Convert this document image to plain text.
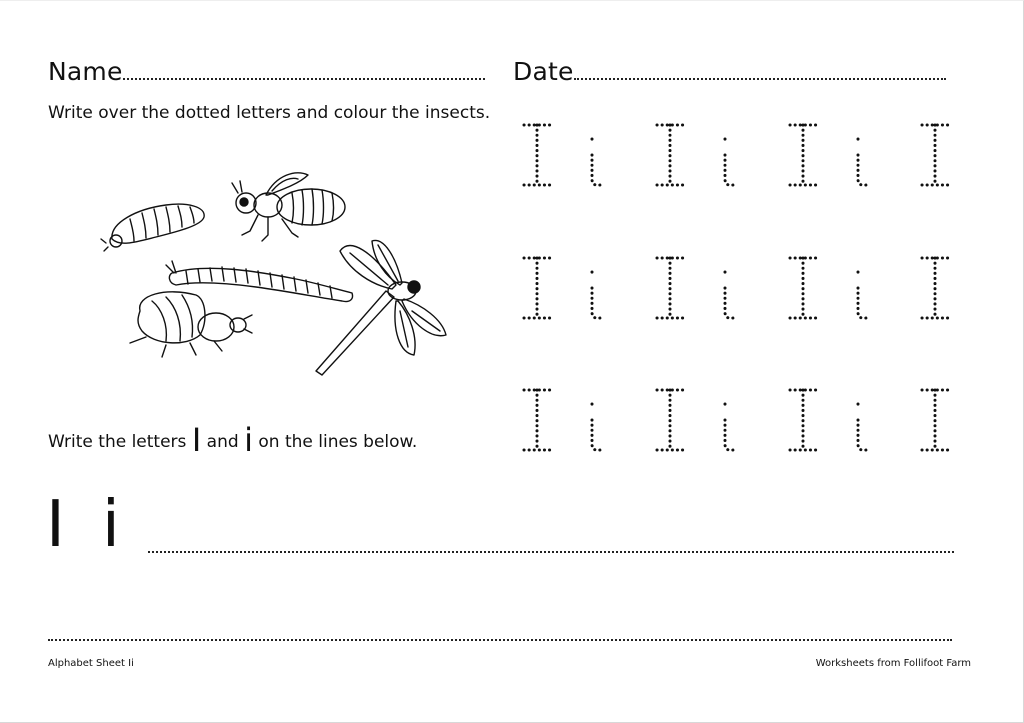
Name	Date
Write over the dotted letters and colour the insects.
Write the letters I and i on the lines below.
I i
Alphabet Sheet Ii	Worksheets from Follifoot Farm
